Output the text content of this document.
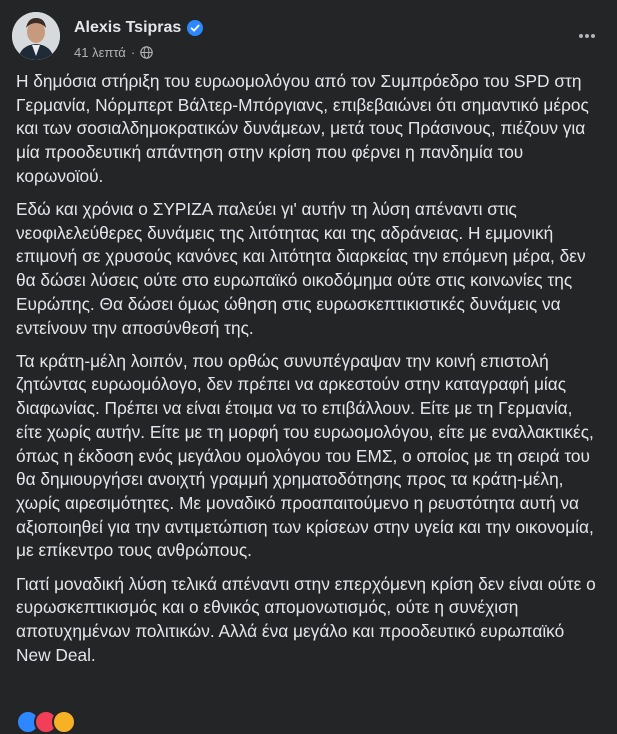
Alexis Tsipras
41 λεπτά ·

Η δημόσια στήριξη του ευρωομολόγου από τον Συμπρόεδρο του SPD στη Γερμανία, Νόρμπερτ Βάλτερ-Μπόργιανς, επιβεβαιώνει ότι σημαντικό μέρος και των σοσιαλδημοκρατικών δυνάμεων, μετά τους Πράσινους, πιέζουν για μία προοδευτική απάντηση στην κρίση που φέρνει η πανδημία του κορωνοϊού.

Εδώ και χρόνια ο ΣΥΡΙΖΑ παλεύει γι' αυτήν τη λύση απέναντι στις νεοφιλελεύθερες δυνάμεις της λιτότητας και της αδράνειας. Η εμμονική επιμονή σε χρυσούς κανόνες και λιτότητα διαρκείας την επόμενη μέρα, δεν θα δώσει λύσεις ούτε στο ευρωπαϊκό οικοδόμημα ούτε στις κοινωνίες της Ευρώπης. Θα δώσει όμως ώθηση στις ευρωσκεπτικιστικές δυνάμεις να εντείνουν την αποσύνθεσή της.

Τα κράτη-μέλη λοιπόν, που ορθώς συνυπέγραψαν την κοινή επιστολή ζητώντας ευρωομόλογο, δεν πρέπει να αρκεστούν στην καταγραφή μίας διαφωνίας. Πρέπει να είναι έτοιμα να το επιβάλλουν. Είτε με τη Γερμανία, είτε χωρίς αυτήν. Είτε με τη μορφή του ευρωομολόγου, είτε με εναλλακτικές, όπως η έκδοση ενός μεγάλου ομολόγου του ΕΜΣ, ο οποίος με τη σειρά του θα δημιουργήσει ανοιχτή γραμμή χρηματοδότησης προς τα κράτη-μέλη, χωρίς αιρεσιμότητες. Με μοναδικό προαπαιτούμενο η ρευστότητα αυτή να αξιοποιηθεί για την αντιμετώπιση των κρίσεων στην υγεία και την οικονομία, με επίκεντρο τους ανθρώπους.

Γιατί μοναδική λύση τελικά απέναντι στην επερχόμενη κρίση δεν είναι ούτε ο ευρωσκεπτικισμός και ο εθνικός απομονωτισμός, ούτε η συνέχιση αποτυχημένων πολιτικών. Αλλά ένα μεγάλο και προοδευτικό ευρωπαϊκό New Deal.
